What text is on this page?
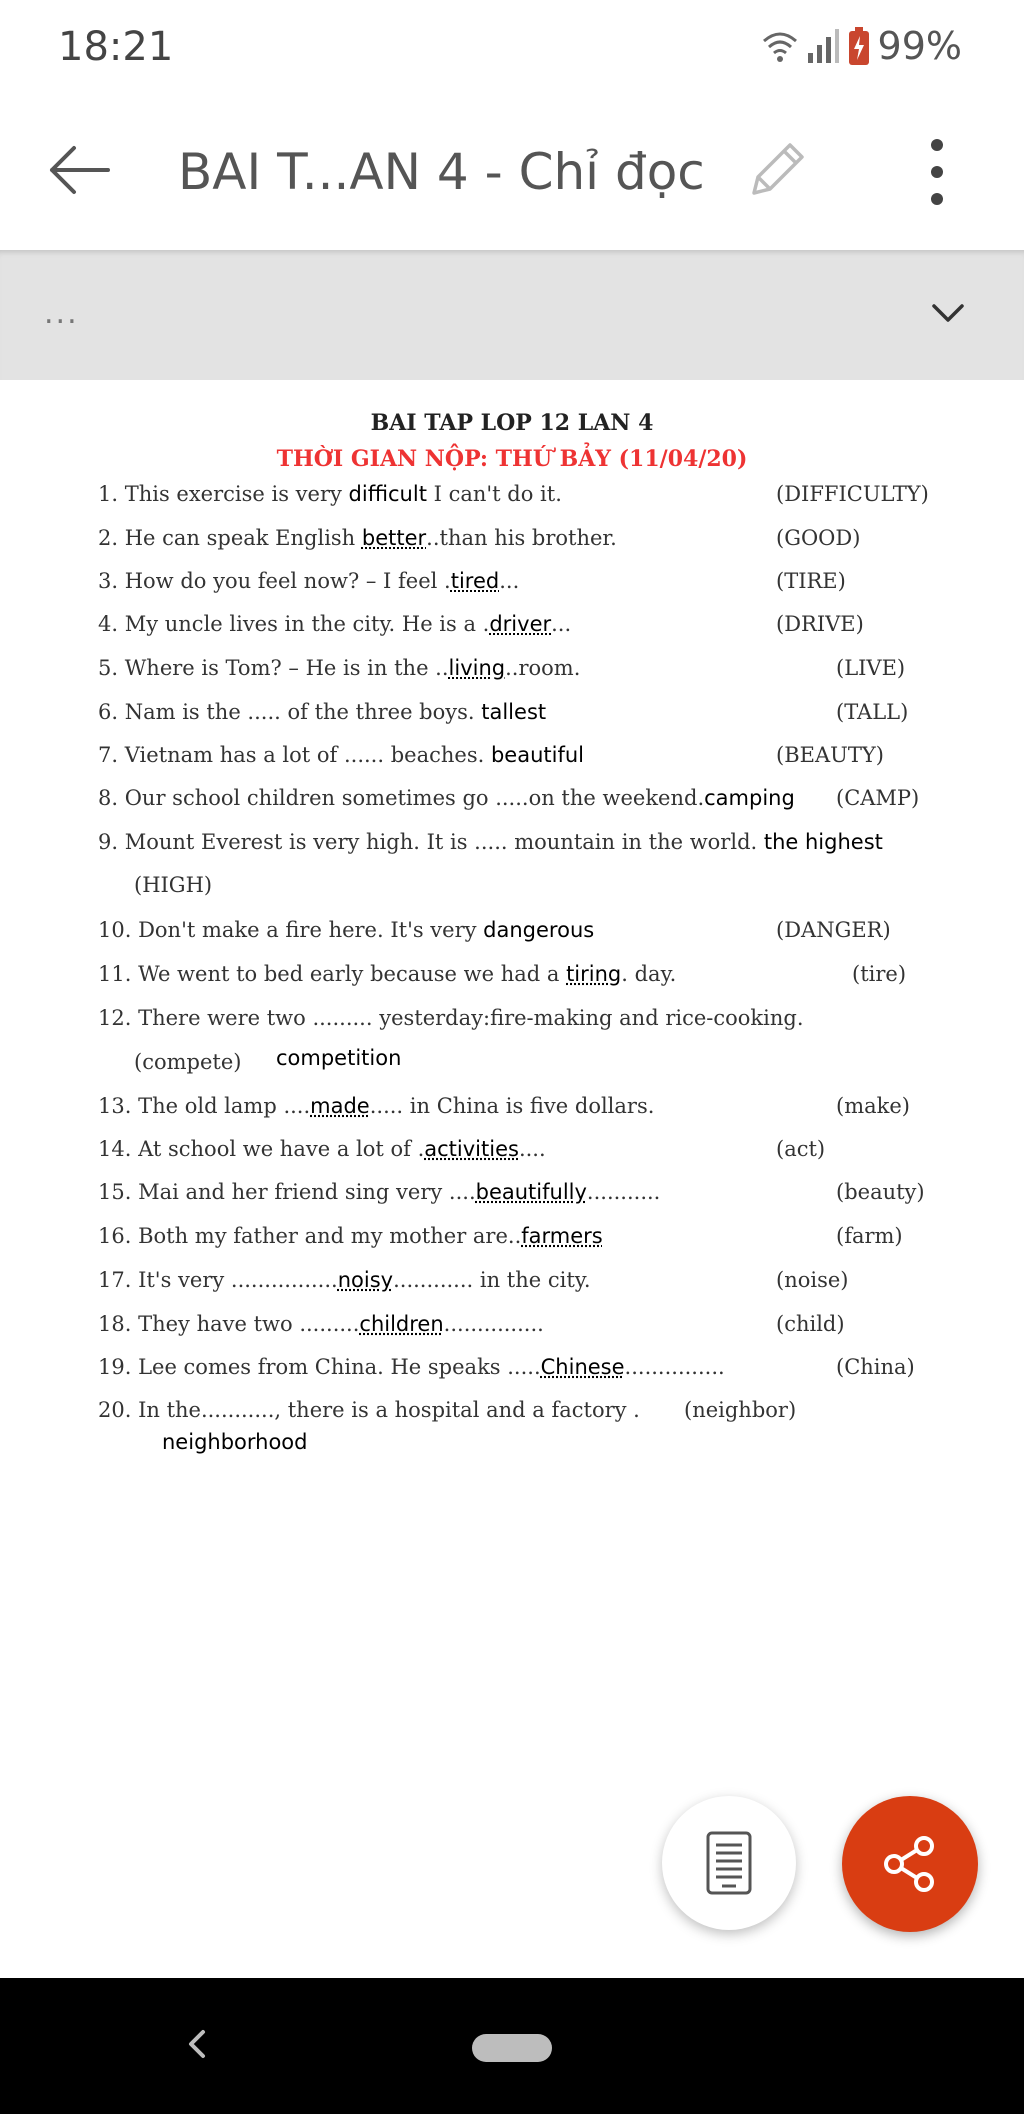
18:21	99%
BAI T...AN 4 - Chỉ đọc
...
BAI TAP LOP 12 LAN 4
THỜI GIAN NỘP: THỨ BẢY (11/04/20)
1. This exercise is very difficult I can't do it.	(DIFFICULTY)
2. He can speak English better..than his brother.	(GOOD)
3. How do you feel now? – I feel .tired...	(TIRE)
4. My uncle lives in the city. He is a .driver...	(DRIVE)
5. Where is Tom? – He is in the ..living..room.	(LIVE)
6. Nam is the ..... of the three boys. tallest	(TALL)
7. Vietnam has a lot of ...... beaches. beautiful	(BEAUTY)
8. Our school children sometimes go .....on the weekend.camping (CAMP)
9. Mount Everest is very high. It is ..... mountain in the world. the highest
(HIGH)
10. Don't make a fire here. It's very dangerous	(DANGER)
11. We went to bed early because we had a tiring. day.	(tire)
12. There were two ......... yesterday:fire-making and rice-cooking.
(compete) competition
13. The old lamp ....made..... in China is five dollars.	(make)
14. At school we have a lot of .activities....	(act)
15. Mai and her friend sing very ....beautifully...........	(beauty)
16. Both my father and my mother are..farmers	(farm)
17. It's very ................noisy............ in the city.	(noise)
18. They have two .........children...............	(child)
19. Lee comes from China. He speaks .....Chinese...............	(China)
20. In the..........., there is a hospital and a factory . (neighbor)
neighborhood
